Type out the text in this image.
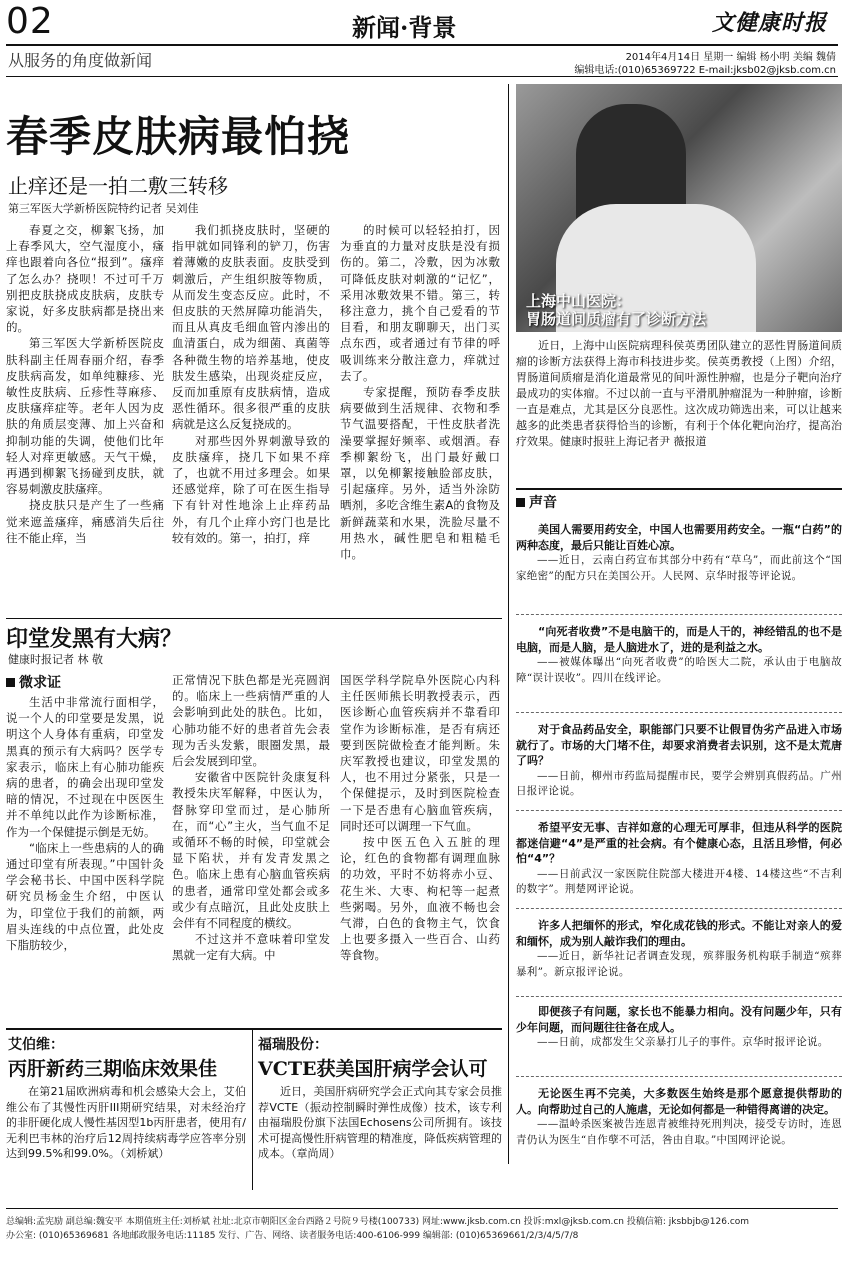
02	新闻·背景	文健康时报
从服务的角度做新闻	2014年4月14日 星期一 编辑 杨小明 美编 魏倩
编辑电话:(010)65369722 E-mail:jksb02@jksb.com.cn
春季皮肤病最怕挠
止痒还是一拍二敷三转移
第三军医大学新桥医院特约记者 吴刘佳

春夏之交，柳絮飞扬，加上春季风大，空气湿度小，瘙痒也跟着向各位“报到”。瘙痒了怎么办？挠呗！不过可千万别把皮肤挠成皮肤病，皮肤专家说，好多皮肤病都是挠出来的。

第三军医大学新桥医院皮肤科副主任周春丽介绍，春季皮肤病高发，如单纯糠疹、光敏性皮肤病、丘疹性荨麻疹、皮肤瘙痒症等。老年人因为皮肤的角质层变薄、加上兴奋和抑制功能的失调，使他们比年轻人对痒更敏感。天气干燥，再遇到柳絮飞扬碰到皮肤，就容易刺激皮肤瘙痒。

挠皮肤只是产生了一些痛觉来遮盖瘙痒，痛感消失后往往不能止痒，当

我们抓挠皮肤时，坚硬的指甲就如同锋利的铲刀，伤害着薄嫩的皮肤表面。皮肤受到刺激后，产生组织胺等物质，从而发生变态反应。此时，不但皮肤的天然屏障功能消失，而且从真皮毛细血管内渗出的血清蛋白，成为细菌、真菌等各种微生物的培养基地，使皮肤发生感染，出现炎症反应，反而加重原有皮肤病情，造成恶性循环。很多很严重的皮肤病就是这么反复挠成的。

对那些因外界刺激导致的皮肤瘙痒，挠几下如果不痒了，也就不用过多理会。如果还感觉痒，除了可在医生指导下有针对性地涂上止痒药品外，有几个止痒小窍门也是比较有效的。第一，拍打，痒

的时候可以轻轻拍打，因为垂直的力量对皮肤是没有损伤的。第二，冷敷，因为冰敷可降低皮肤对刺激的“记忆”，采用冰敷效果不错。第三，转移注意力，挑个自己爱看的节目看，和朋友聊聊天，出门买点东西，或者通过有节律的呼吸训练来分散注意力，痒就过去了。

专家提醒，预防春季皮肤病要做到生活规律、衣物和季节气温要搭配，干性皮肤者洗澡要掌握好频率、或烟酒。春季柳絮纷飞，出门最好戴口罩，以免柳絮接触脸部皮肤，引起瘙痒。另外，适当外涂防晒剂，多吃含维生素A的食物及新鲜蔬菜和水果，洗脸尽量不用热水，碱性肥皂和粗糙毛巾。

上海中山医院：
胃肠道间质瘤有了诊断方法

近日，上海中山医院病理科侯英勇团队建立的恶性胃肠道间质瘤的诊断方法获得上海市科技进步奖。侯英勇教授（上图）介绍，胃肠道间质瘤是消化道最常见的间叶源性肿瘤，也是分子靶向治疗最成功的实体瘤。不过以前一直与平滑肌肿瘤混为一种肿瘤，诊断一直是难点，尤其是区分良恶性。这次成功筛选出来，可以让越来越多的此类患者获得恰当的诊断，有利于个体化靶向治疗，提高治疗效果。健康时报驻上海记者尹 薇报道

声音

美国人需要用药安全，中国人也需要用药安全。一瓶“白药”的两种态度，最后只能让百姓心凉。

——近日，云南白药宣布其部分中药有“草乌”，而此前这个“国家绝密”的配方只在美国公开。人民网、京华时报等评论说。

“向死者收费”不是电脑干的，而是人干的，神经错乱的也不是电脑，而是人脑，是人脑进水了，进的是利益之水。

——被媒体曝出“向死者收费”的哈医大二院，承认由于电脑故障“误计误收”。四川在线评论。

对于食品药品安全，职能部门只要不让假冒伪劣产品进入市场就行了。市场的大门堵不住，却要求消费者去识别，这不是太荒唐了吗？

——日前，柳州市药监局提醒市民，要学会辨别真假药品。广州日报评论说。

希望平安无事、吉祥如意的心理无可厚非，但违从科学的医院都迷信避“4”是严重的社会病。有个健康心态，且活且珍惜，何必怕“4”？

——日前武汉一家医院住院部大楼进开4楼、14楼这些“不吉利的数字”。荆楚网评论说。

许多人把缅怀的形式，窄化成花钱的形式。不能让对亲人的爱和缅怀，成为别人敲诈我们的理由。

——近日，新华社记者调查发现，殡葬服务机构联手制造“殡葬暴利”。新京报评论说。

即便孩子有问题，家长也不能暴力相向。没有问题少年，只有少年问题，而问题往往备在成人。

——日前，成都发生父亲暴打儿子的事件。京华时报评论说。

无论医生再不完美，大多数医生始终是那个愿意提供帮助的人。向帮助过自己的人施虐，无论如何都是一种错得离谱的决定。

——温岭杀医案被告连恩青被维持死刑判决，接受专访时，连恩青仍认为医生“自作孽不可活，咎由自取。”中国网评论说。

印堂发黑有大病？
健康时报记者 林 敬
微求证

生活中非常流行面相学，说一个人的印堂要是发黑，说明这个人身体有重病，印堂发黑真的预示有大病吗？医学专家表示，临床上有心肺功能疾病的患者，的确会出现印堂发暗的情况，不过现在中医医生并不单纯以此作为诊断标准，作为一个保健提示倒是无妨。

“临床上一些患病的人的确通过印堂有所表现。”中国针灸学会秘书长、中国中医科学院研究员杨金生介绍，中医认为，印堂位于我们的前额，两眉头连线的中点位置，此处皮下脂肪较少，

正常情况下肤色都是光亮圆润的。临床上一些病情严重的人会影响到此处的肤色。比如，心肺功能不好的患者首先会表现为舌头发紫，眼圈发黑，最后会发展到印堂。

安徽省中医院针灸康复科教授朱庆军解释，中医认为，督脉穿印堂而过，是心肺所在，而“心”主火，当气血不足或循环不畅的时候，印堂就会显下陷状，并有发青发黑之色。临床上患有心脑血管疾病的患者，通常印堂处都会或多或少有点暗沉，且此处皮肤上会伴有不同程度的横纹。

不过这并不意味着印堂发黑就一定有大病。中

国医学科学院阜外医院心内科主任医师熊长明教授表示，西医诊断心血管疾病并不靠看印堂作为诊断标准，是否有病还要到医院做检查才能判断。朱庆军教授也建议，印堂发黑的人，也不用过分紧张，只是一个保健提示，及时到医院检查一下是否患有心脑血管疾病，同时还可以调理一下气血。

按中医五色入五脏的理论，红色的食物都有调理血脉的功效，平时不妨将赤小豆、花生米、大枣、枸杞等一起煮些粥喝。另外，血液不畅也会气滞，白色的食物主气，饮食上也要多摄入一些百合、山药等食物。

艾伯维：
丙肝新药三期临床效果佳

在第21届欧洲病毒和机会感染大会上，艾伯维公布了其慢性丙肝III期研究结果，对未经治疗的非肝硬化成人慢性基因型1b丙肝患者，使用有/无利巴韦林的治疗后12周持续病毒学应答率分别达到99.5%和99.0%。（刘桥斌）

福瑞股份：
VCTE获美国肝病学会认可

近日，美国肝病研究学会正式向其专家会员推荐VCTE（振动控制瞬时弹性成像）技术，该专利由福瑞股份旗下法国Echosens公司所拥有。该技术可提高慢性肝病管理的精准度，降低疾病管理的成本。（章尚周）

总编辑:孟宪励 副总编:魏安平 本期值班主任:刘桥斌 社址:北京市朝阳区金台西路２号院９号楼(100733) 网址:www.jksb.com.cn 投诉:mxl@jksb.com.cn 投稿信箱: jksbbjb@126.com
办公室: (010)65369681 各地邮政服务电话:11185 发行、广告、网络、读者服务电话:400-6106-999 编辑部: (010)65369661/2/3/4/5/7/8
